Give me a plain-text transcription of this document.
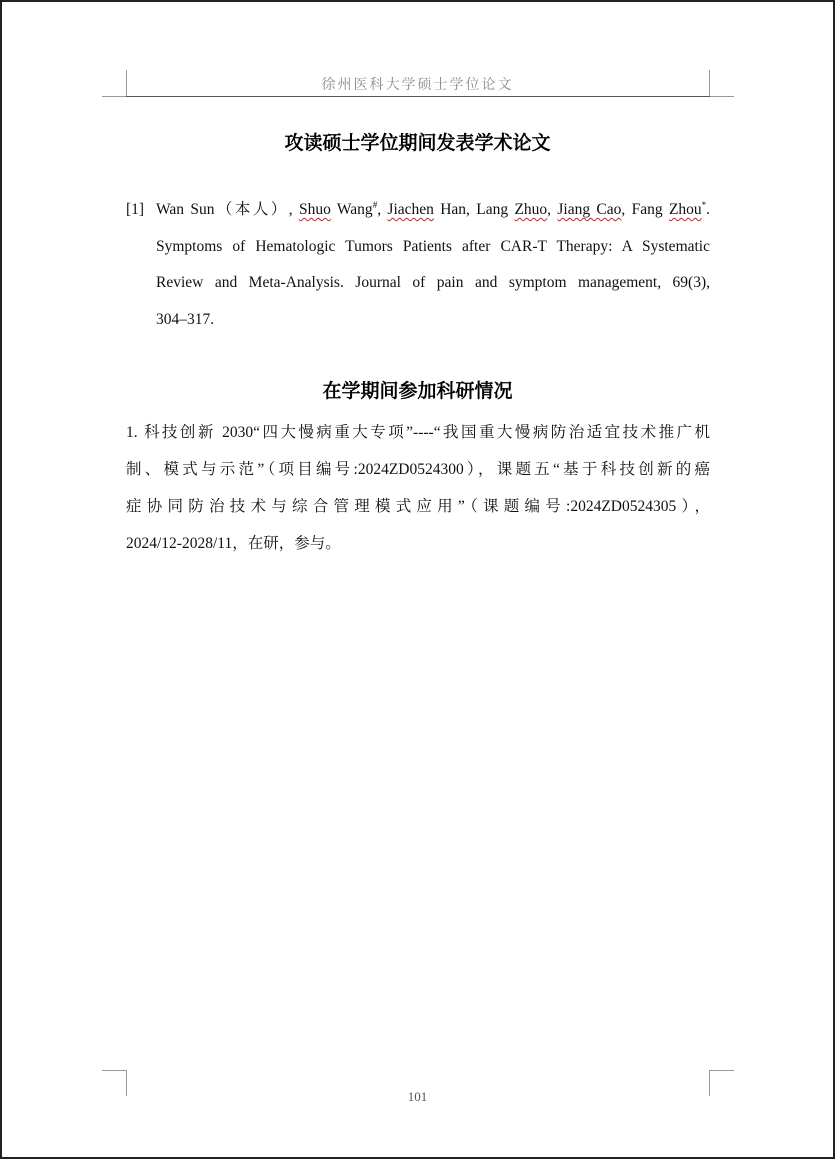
徐州医科大学硕士学位论文
攻读硕士学位期间发表学术论文
[1] Wan Sun（本人）, Shuo Wang#, Jiachen Han, Lang Zhuo, Jiang Cao, Fang Zhou*.
Symptoms of Hematologic Tumors Patients after CAR-T Therapy: A Systematic
Review and Meta-Analysis. Journal of pain and symptom management, 69(3),
304–317.
在学期间参加科研情况
1. 科技创新 2030“四大慢病重大专项”----“我国重大慢病防治适宜技术推广机
制、模式与示范”（项目编号:2024ZD0524300），课题五“基于科技创新的癌
症协同防治技术与综合管理模式应用”（课题编号:2024ZD0524305），
2024/12-2028/11，在研，参与。
101
